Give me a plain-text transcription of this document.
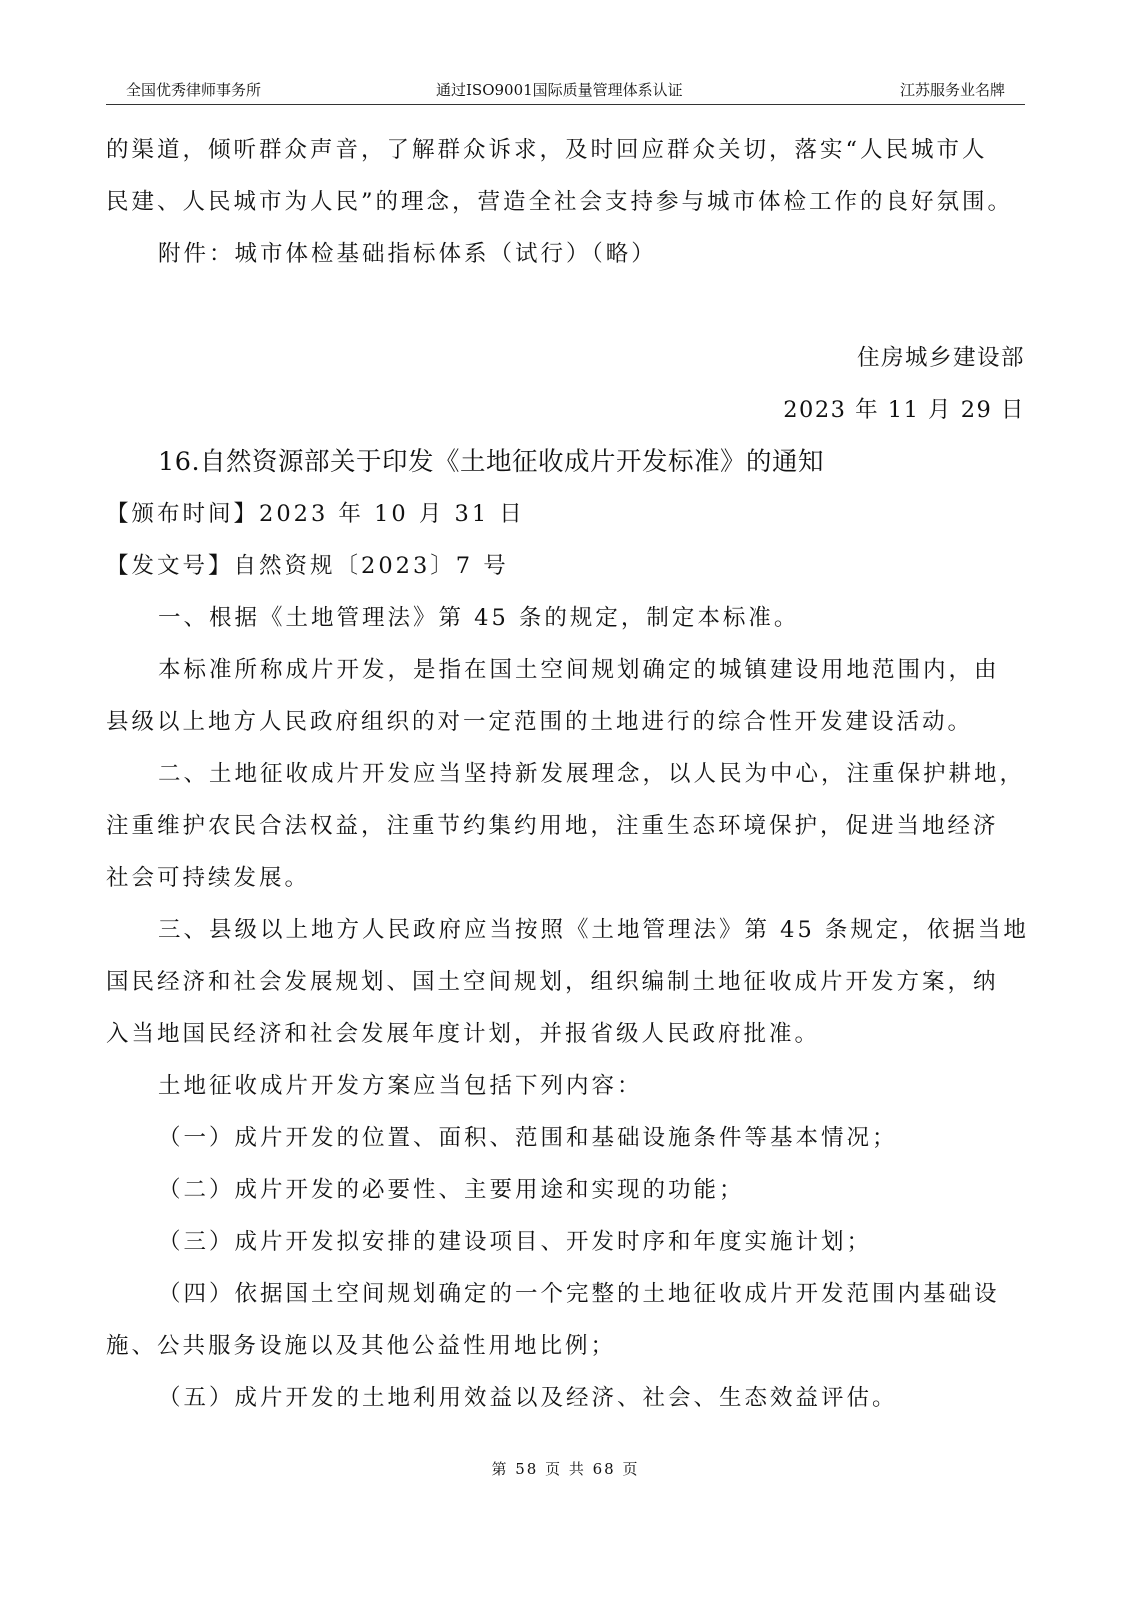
全国优秀律师事务所	通过ISO9001国际质量管理体系认证	江苏服务业名牌

的渠道，倾听群众声音，了解群众诉求，及时回应群众关切，落实“人民城市人

民建、人民城市为人民”的理念，营造全社会支持参与城市体检工作的良好氛围。

附件：城市体检基础指标体系（试行）（略）

住房城乡建设部

2023 年 11 月 29 日

16.自然资源部关于印发《土地征收成片开发标准》的通知

【颁布时间】2023 年 10 月 31 日

【发文号】自然资规〔2023〕7 号

一、根据《土地管理法》第 45 条的规定，制定本标准。

本标准所称成片开发，是指在国土空间规划确定的城镇建设用地范围内，由

县级以上地方人民政府组织的对一定范围的土地进行的综合性开发建设活动。

二、土地征收成片开发应当坚持新发展理念，以人民为中心，注重保护耕地，

注重维护农民合法权益，注重节约集约用地，注重生态环境保护，促进当地经济

社会可持续发展。

三、县级以上地方人民政府应当按照《土地管理法》第 45 条规定，依据当地

国民经济和社会发展规划、国土空间规划，组织编制土地征收成片开发方案，纳

入当地国民经济和社会发展年度计划，并报省级人民政府批准。

土地征收成片开发方案应当包括下列内容：

（一）成片开发的位置、面积、范围和基础设施条件等基本情况；

（二）成片开发的必要性、主要用途和实现的功能；

（三）成片开发拟安排的建设项目、开发时序和年度实施计划；

（四）依据国土空间规划确定的一个完整的土地征收成片开发范围内基础设

施、公共服务设施以及其他公益性用地比例；

（五）成片开发的土地利用效益以及经济、社会、生态效益评估。

第 58 页 共 68 页
